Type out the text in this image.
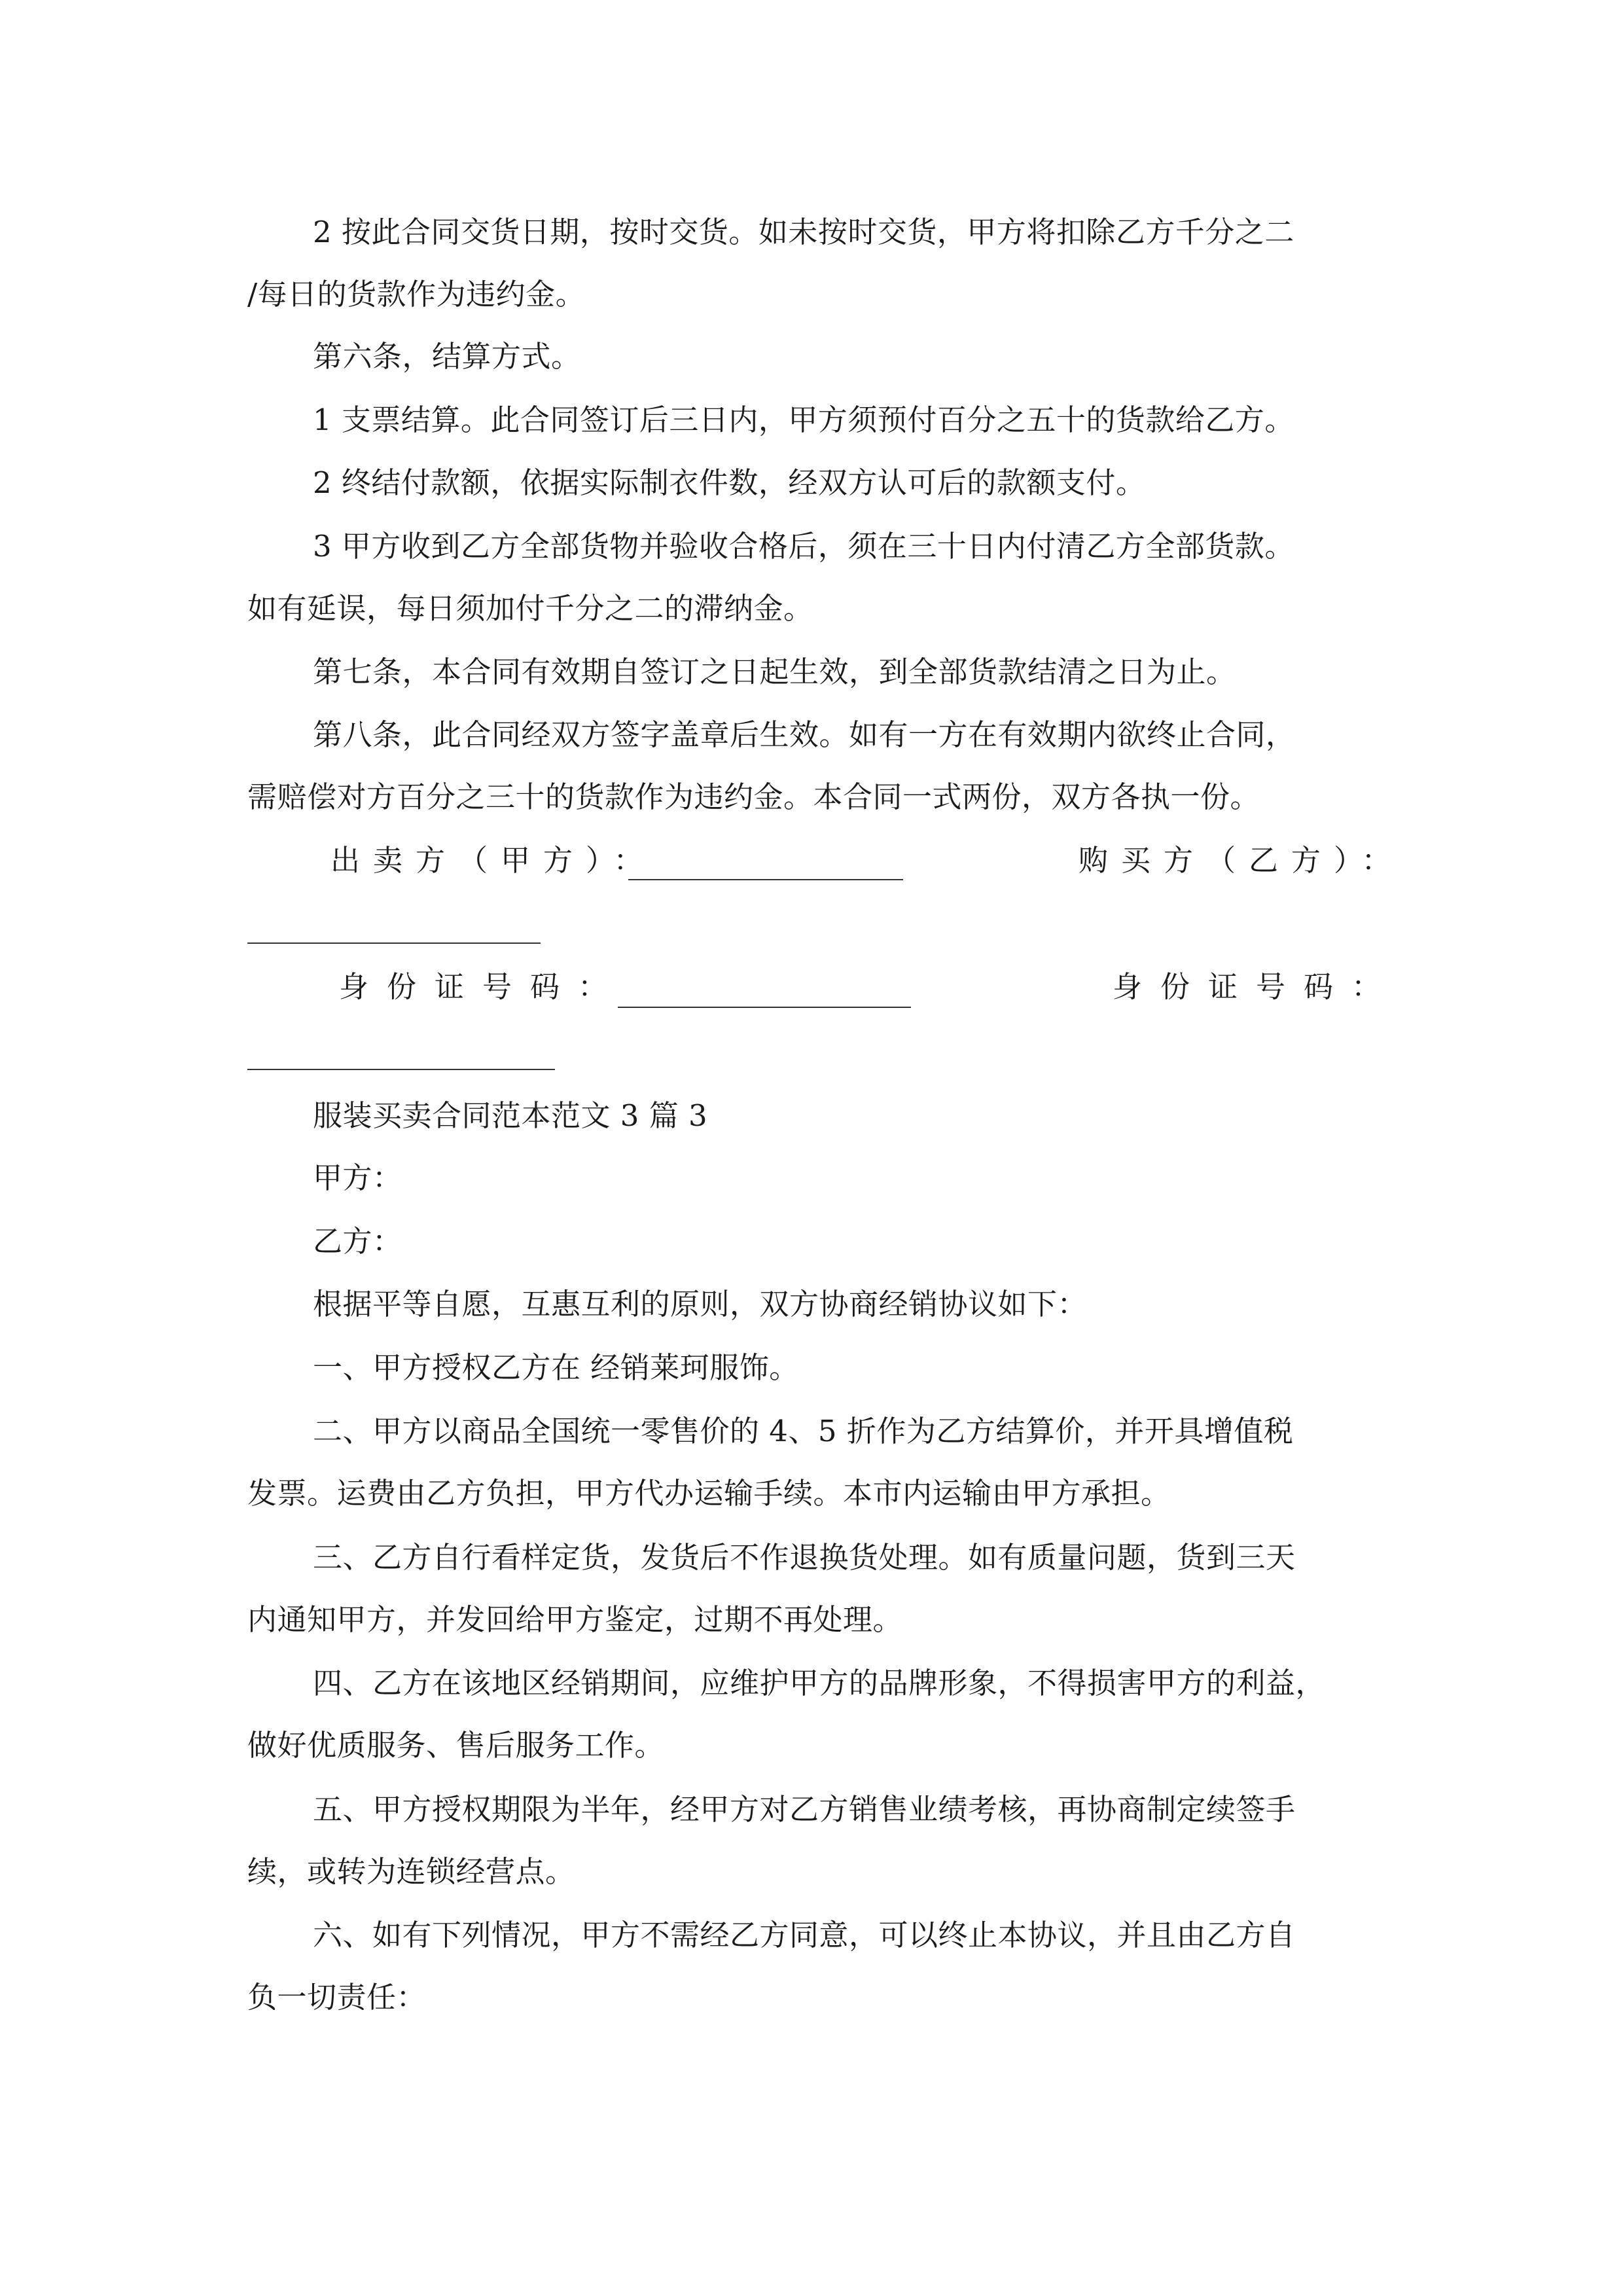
2 按此合同交货日期，按时交货。如未按时交货，甲方将扣除乙方千分之二
/每日的货款作为违约金。
第六条，结算方式。
1 支票结算。此合同签订后三日内，甲方须预付百分之五十的货款给乙方。
2 终结付款额，依据实际制衣件数，经双方认可后的款额支付。
3 甲方收到乙方全部货物并验收合格后，须在三十日内付清乙方全部货款。
如有延误，每日须加付千分之二的滞纳金。
第七条，本合同有效期自签订之日起生效，到全部货款结清之日为止。
第八条，此合同经双方签字盖章后生效。如有一方在有效期内欲终止合同，
需赔偿对方百分之三十的货款作为违约金。本合同一式两份，双方各执一份。
出卖方（甲方）：	购买方（乙方）：
身份证号码：	身份证号码：
服装买卖合同范本范文 3 篇 3
甲方：
乙方：
根据平等自愿，互惠互利的原则，双方协商经销协议如下：
一、甲方授权乙方在 经销莱珂服饰。
二、甲方以商品全国统一零售价的 4、5 折作为乙方结算价，并开具增值税
发票。运费由乙方负担，甲方代办运输手续。本市内运输由甲方承担。
三、乙方自行看样定货，发货后不作退换货处理。如有质量问题，货到三天
内通知甲方，并发回给甲方鉴定，过期不再处理。
四、乙方在该地区经销期间，应维护甲方的品牌形象，不得损害甲方的利益，
做好优质服务、售后服务工作。
五、甲方授权期限为半年，经甲方对乙方销售业绩考核，再协商制定续签手
续，或转为连锁经营点。
六、如有下列情况，甲方不需经乙方同意，可以终止本协议，并且由乙方自
负一切责任：
